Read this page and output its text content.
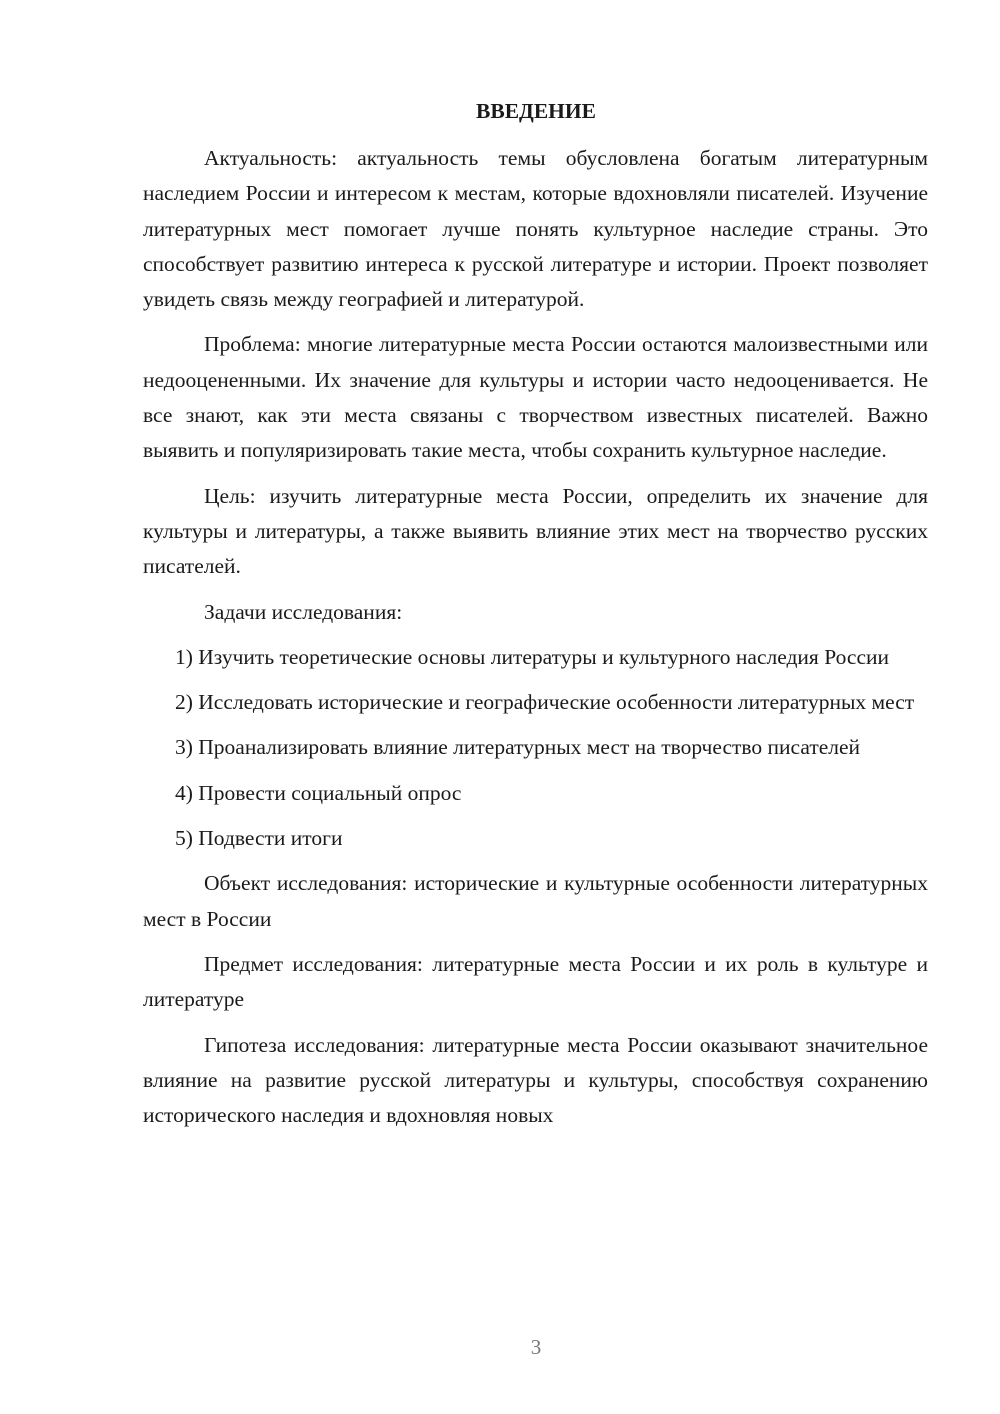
ВВЕДЕНИЕ

Актуальность: актуальность темы обусловлена богатым литературным наследием России и интересом к местам, которые вдохновляли писателей. Изучение литературных мест помогает лучше понять культурное наследие страны. Это способствует развитию интереса к русской литературе и истории. Проект позволяет увидеть связь между географией и литературой.

Проблема: многие литературные места России остаются малоизвестными или недооцененными. Их значение для культуры и истории часто недооценивается. Не все знают, как эти места связаны с творчеством известных писателей. Важно выявить и популяризировать такие места, чтобы сохранить культурное наследие.

Цель: изучить литературные места России, определить их значение для культуры и литературы, а также выявить влияние этих мест на творчество русских писателей.

Задачи исследования:

1) Изучить теоретические основы литературы и культурного наследия России

2) Исследовать исторические и географические особенности литературных мест

3) Проанализировать влияние литературных мест на творчество писателей

4) Провести социальный опрос

5) Подвести итоги

Объект исследования: исторические и культурные особенности литературных мест в России

Предмет исследования: литературные места России и их роль в культуре и литературе

Гипотеза исследования: литературные места России оказывают значительное влияние на развитие русской литературы и культуры, способствуя сохранению исторического наследия и вдохновляя новых

3
